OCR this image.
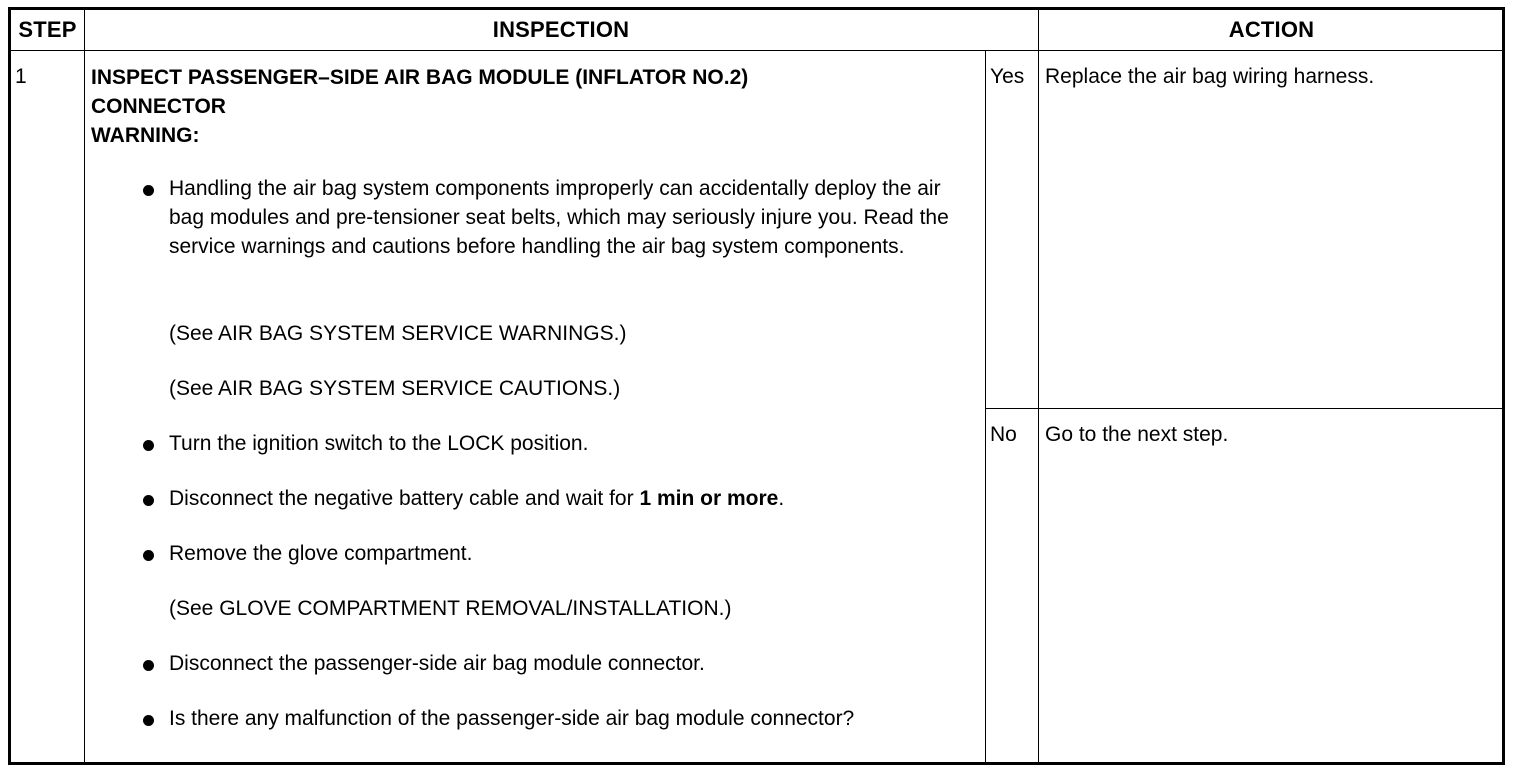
STEP	INSPECTION	ACTION
1	INSPECT PASSENGER–SIDE AIR BAG MODULE (INFLATOR NO.2)
CONNECTOR
WARNING:
Handling the air bag system components improperly can accidentally deploy the air bag modules and pre-tensioner seat belts, which may seriously injure you. Read the service warnings and cautions before handling the air bag system components.
(See AIR BAG SYSTEM SERVICE WARNINGS.)
(See AIR BAG SYSTEM SERVICE CAUTIONS.)
Turn the ignition switch to the LOCK position.
Disconnect the negative battery cable and wait for 1 min or more.
Remove the glove compartment.
(See GLOVE COMPARTMENT REMOVAL/INSTALLATION.)
Disconnect the passenger-side air bag module connector.
Is there any malfunction of the passenger-side air bag module connector?
Yes Replace the air bag wiring harness.
No Go to the next step.
